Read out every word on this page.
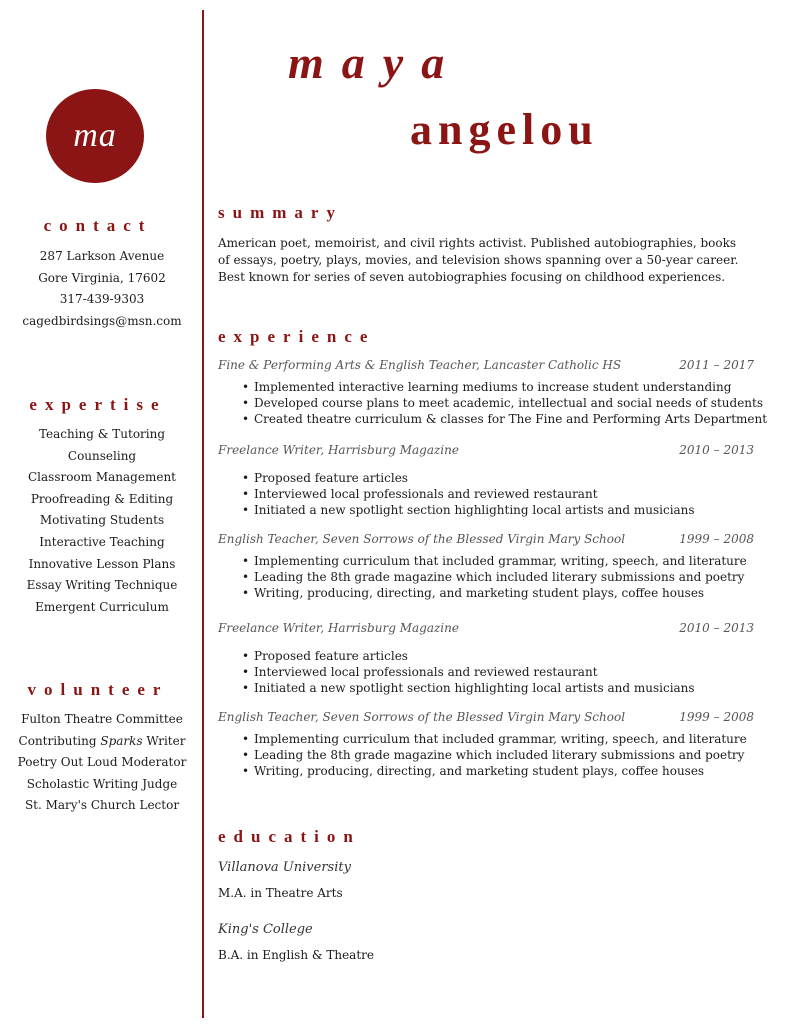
maya
angelou
ma
contact
287 Larkson Avenue
Gore Virginia, 17602
317-439-9303
cagedbirdsings@msn.com
expertise
Teaching & Tutoring
Counseling
Classroom Management
Proofreading & Editing
Motivating Students
Interactive Teaching
Innovative Lesson Plans
Essay Writing Technique
Emergent Curriculum
volunteer
Fulton Theatre Committee
Contributing Sparks Writer
Poetry Out Loud Moderator
Scholastic Writing Judge
St. Mary's Church Lector
summary
American poet, memoirist, and civil rights activist. Published autobiographies, books
of essays, poetry, plays, movies, and television shows spanning over a 50-year career.
Best known for series of seven autobiographies focusing on childhood experiences.
experience
Fine & Performing Arts & English Teacher, Lancaster Catholic HS	2011 – 2017
• Implemented interactive learning mediums to increase student understanding
• Developed course plans to meet academic, intellectual and social needs of students
• Created theatre curriculum & classes for The Fine and Performing Arts Department
Freelance Writer, Harrisburg Magazine	2010 – 2013
• Proposed feature articles
• Interviewed local professionals and reviewed restaurant
• Initiated a new spotlight section highlighting local artists and musicians
English Teacher, Seven Sorrows of the Blessed Virgin Mary School	1999 – 2008
• Implementing curriculum that included grammar, writing, speech, and literature
• Leading the 8th grade magazine which included literary submissions and poetry
• Writing, producing, directing, and marketing student plays, coffee houses
Freelance Writer, Harrisburg Magazine	2010 – 2013
• Proposed feature articles
• Interviewed local professionals and reviewed restaurant
• Initiated a new spotlight section highlighting local artists and musicians
English Teacher, Seven Sorrows of the Blessed Virgin Mary School	1999 – 2008
• Implementing curriculum that included grammar, writing, speech, and literature
• Leading the 8th grade magazine which included literary submissions and poetry
• Writing, producing, directing, and marketing student plays, coffee houses
education
Villanova University
M.A. in Theatre Arts
King's College
B.A. in English & Theatre
